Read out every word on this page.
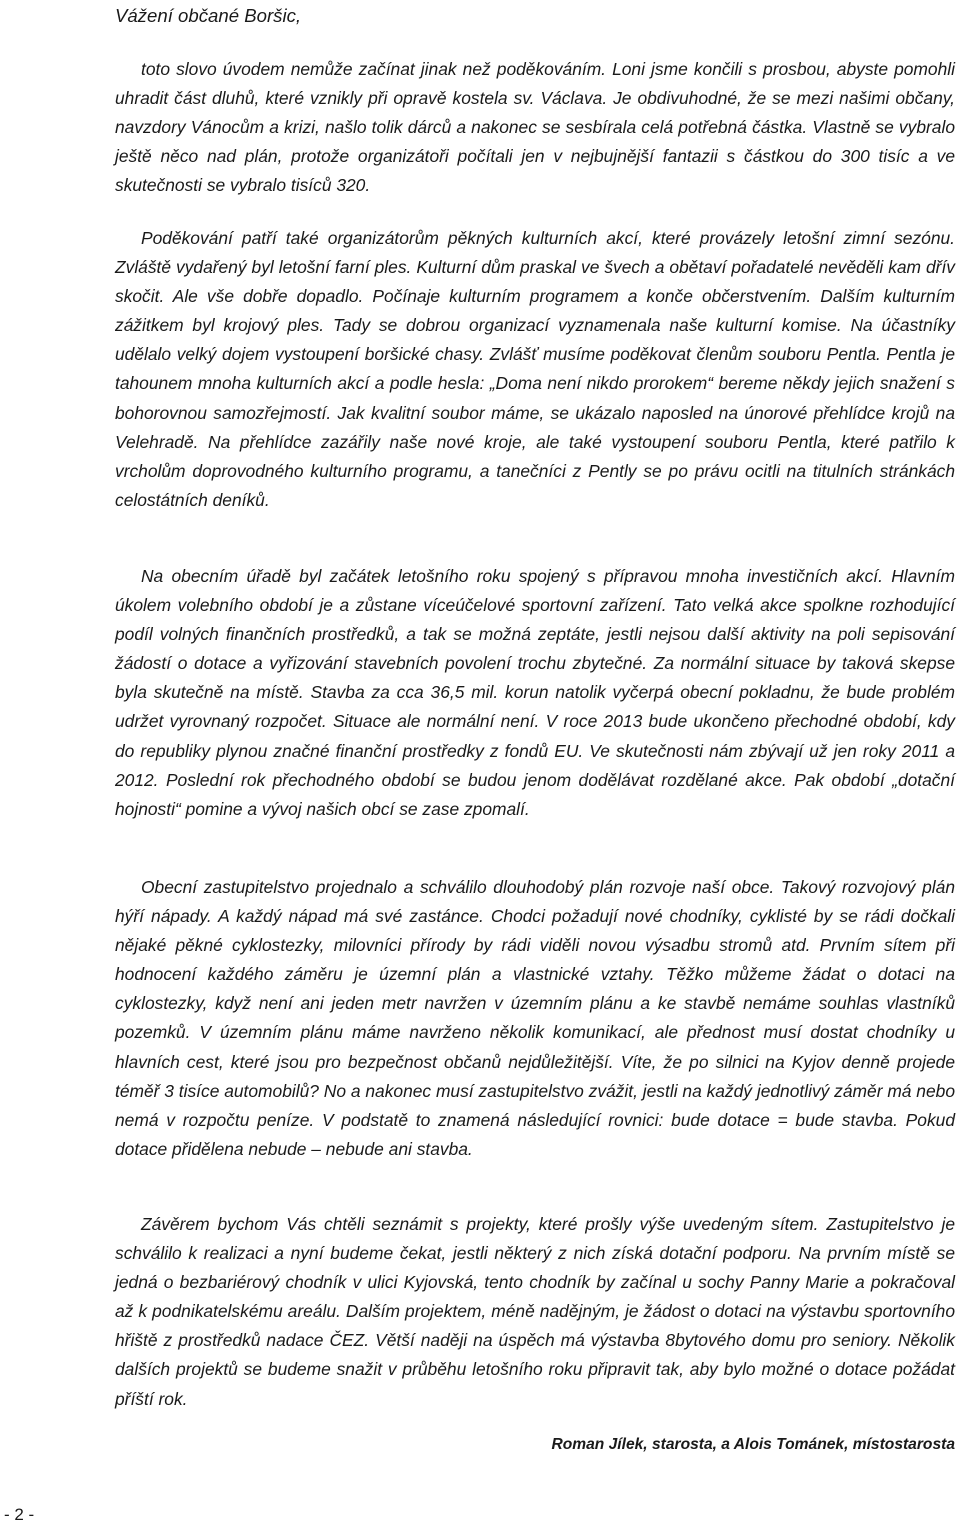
Vážení občané Boršic,

toto slovo úvodem nemůže začínat jinak než poděkováním. Loni jsme končili s prosbou, abyste pomohli uhradit část dluhů, které vznikly při opravě kostela sv. Václava. Je obdivuhodné, že se mezi našimi občany, navzdory Vánocům a krizi, našlo tolik dárců a nakonec se sesbírala celá potřebná částka. Vlastně se vybralo ještě něco nad plán, protože organizátoři počítali jen v nejbujnější fantazii s částkou do 300 tisíc a ve skutečnosti se vybralo tisíců 320.

Poděkování patří také organizátorům pěkných kulturních akcí, které provázely letošní zimní sezónu. Zvláště vydařený byl letošní farní ples. Kulturní dům praskal ve švech a obětaví pořadatelé nevěděli kam dřív skočit. Ale vše dobře dopadlo. Počínaje kulturním programem a konče občerstvením. Dalším kulturním zážitkem byl krojový ples. Tady se dobrou organizací vyznamenala naše kulturní komise. Na účastníky udělalo velký dojem vystoupení boršické chasy. Zvlášť musíme poděkovat členům souboru Pentla. Pentla je tahounem mnoha kulturních akcí a podle hesla: „Doma není nikdo prorokem“ bereme někdy jejich snažení s bohorovnou samozřejmostí. Jak kvalitní soubor máme, se ukázalo naposled na únorové přehlídce krojů na Velehradě. Na přehlídce zazářily naše nové kroje, ale také vystoupení souboru Pentla, které patřilo k vrcholům doprovodného kulturního programu, a tanečníci z Pently se po právu ocitli na titulních stránkách celostátních deníků.

Na obecním úřadě byl začátek letošního roku spojený s přípravou mnoha investičních akcí. Hlavním úkolem volebního období je a zůstane víceúčelové sportovní zařízení. Tato velká akce spolkne rozhodující podíl volných finančních prostředků, a tak se možná zeptáte, jestli nejsou další aktivity na poli sepisování žádostí o dotace a vyřizování stavebních povolení trochu zbytečné. Za normální situace by taková skepse byla skutečně na místě. Stavba za cca 36,5 mil. korun natolik vyčerpá obecní pokladnu, že bude problém udržet vyrovnaný rozpočet. Situace ale normální není. V roce 2013 bude ukončeno přechodné období, kdy do republiky plynou značné finanční prostředky z fondů EU. Ve skutečnosti nám zbývají už jen roky 2011 a 2012. Poslední rok přechodného období se budou jenom dodělávat rozdělané akce. Pak období „dotační hojnosti“ pomine a vývoj našich obcí se zase zpomalí.

Obecní zastupitelstvo projednalo a schválilo dlouhodobý plán rozvoje naší obce. Takový rozvojový plán hýří nápady. A každý nápad má své zastánce. Chodci požadují nové chodníky, cyklisté by se rádi dočkali nějaké pěkné cyklostezky, milovníci přírody by rádi viděli novou výsadbu stromů atd. Prvním sítem při hodnocení každého záměru je územní plán a vlastnické vztahy. Těžko můžeme žádat o dotaci na cyklostezky, když není ani jeden metr navržen v územním plánu a ke stavbě nemáme souhlas vlastníků pozemků. V územním plánu máme navrženo několik komunikací, ale přednost musí dostat chodníky u hlavních cest, které jsou pro bezpečnost občanů nejdůležitější. Víte, že po silnici na Kyjov denně projede téměř 3 tisíce automobilů? No a nakonec musí zastupitelstvo zvážit, jestli na každý jednotlivý záměr má nebo nemá v rozpočtu peníze. V podstatě to znamená následující rovnici: bude dotace = bude stavba. Pokud dotace přidělena nebude – nebude ani stavba.

Závěrem bychom Vás chtěli seznámit s projekty, které prošly výše uvedeným sítem. Zastupitelstvo je schválilo k realizaci a nyní budeme čekat, jestli některý z nich získá dotační podporu. Na prvním místě se jedná o bezbariérový chodník v ulici Kyjovská, tento chodník by začínal u sochy Panny Marie a pokračoval až k podnikatelskému areálu. Dalším projektem, méně nadějným, je žádost o dotaci na výstavbu sportovního hřiště z prostředků nadace ČEZ. Větší naději na úspěch má výstavba 8bytového domu pro seniory. Několik dalších projektů se budeme snažit v průběhu letošního roku připravit tak, aby bylo možné o dotace požádat příští rok.

Roman Jílek, starosta, a Alois Tománek, místostarosta
- 2 -
